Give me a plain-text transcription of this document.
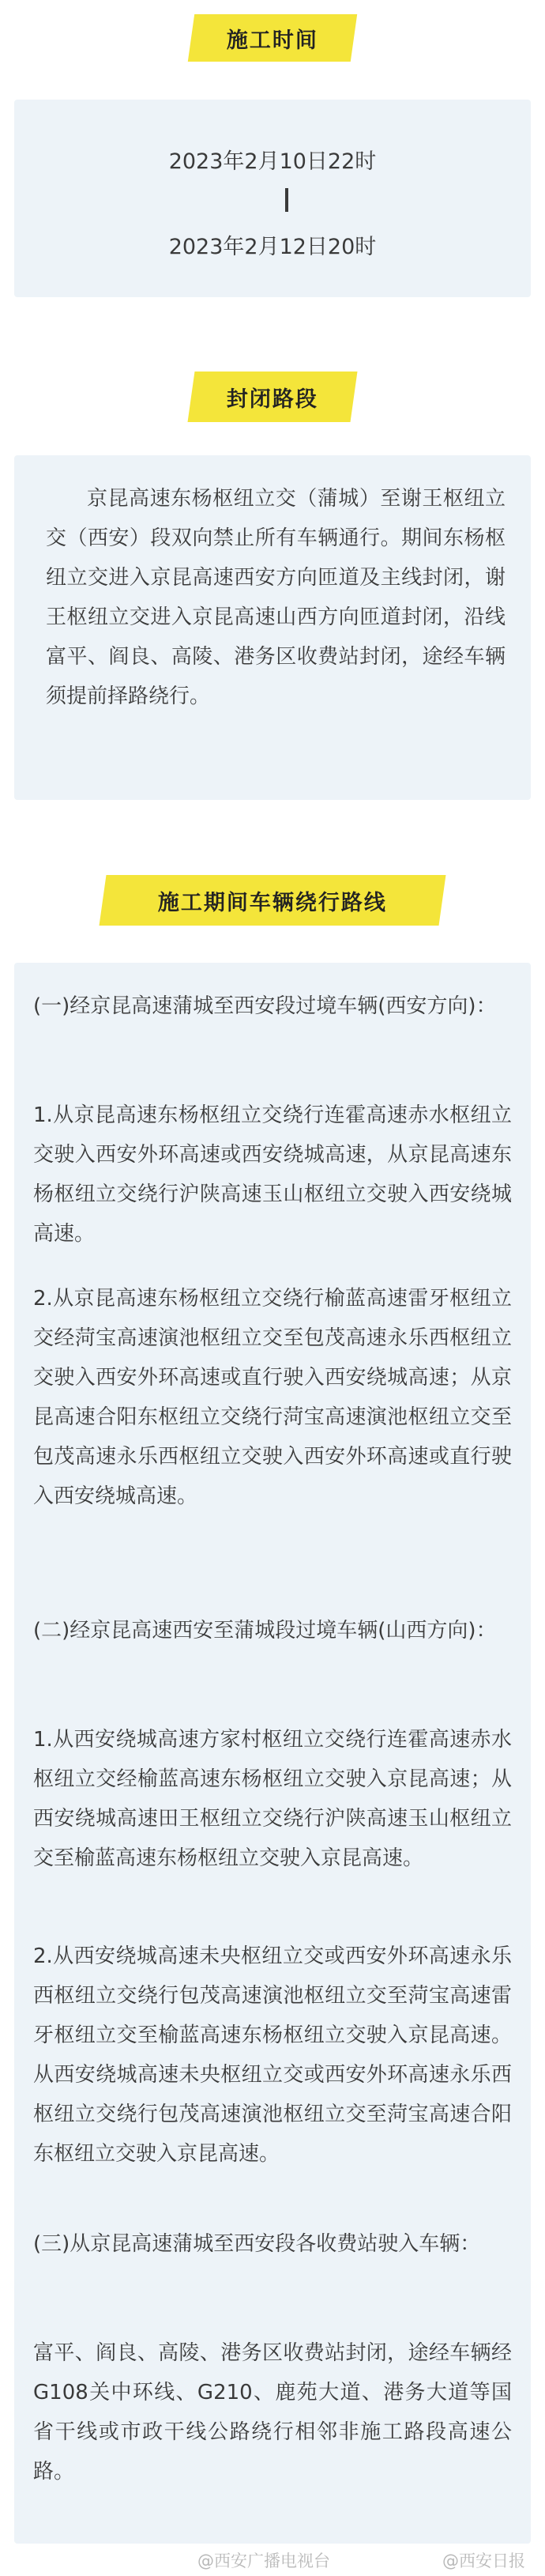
施工时间
2023年2月10日22时
2023年2月12日20时
封闭路段
京昆高速东杨枢纽立交（蒲城）至谢王枢纽立交（西安）段双向禁止所有车辆通行。期间东杨枢纽立交进入京昆高速西安方向匝道及主线封闭，谢王枢纽立交进入京昆高速山西方向匝道封闭，沿线富平、阎良、高陵、港务区收费站封闭，途经车辆须提前择路绕行。
施工期间车辆绕行路线
(一)经京昆高速蒲城至西安段过境车辆(西安方向)：
1.从京昆高速东杨枢纽立交绕行连霍高速赤水枢纽立交驶入西安外环高速或西安绕城高速，从京昆高速东杨枢纽立交绕行沪陕高速玉山枢纽立交驶入西安绕城高速。
2.从京昆高速东杨枢纽立交绕行榆蓝高速雷牙枢纽立交经菏宝高速演池枢纽立交至包茂高速永乐西枢纽立交驶入西安外环高速或直行驶入西安绕城高速；从京昆高速合阳东枢纽立交绕行菏宝高速演池枢纽立交至包茂高速永乐西枢纽立交驶入西安外环高速或直行驶入西安绕城高速。
(二)经京昆高速西安至蒲城段过境车辆(山西方向)：
1.从西安绕城高速方家村枢纽立交绕行连霍高速赤水枢纽立交经榆蓝高速东杨枢纽立交驶入京昆高速；从西安绕城高速田王枢纽立交绕行沪陕高速玉山枢纽立交至榆蓝高速东杨枢纽立交驶入京昆高速。
2.从西安绕城高速未央枢纽立交或西安外环高速永乐西枢纽立交绕行包茂高速演池枢纽立交至菏宝高速雷牙枢纽立交至榆蓝高速东杨枢纽立交驶入京昆高速。从西安绕城高速未央枢纽立交或西安外环高速永乐西枢纽立交绕行包茂高速演池枢纽立交至菏宝高速合阳东枢纽立交驶入京昆高速。
(三)从京昆高速蒲城至西安段各收费站驶入车辆：
富平、阎良、高陵、港务区收费站封闭，途经车辆经G108关中环线、G210、鹿苑大道、港务大道等国省干线或市政干线公路绕行相邻非施工路段高速公路。
@西安广播电视台	@西安日报
